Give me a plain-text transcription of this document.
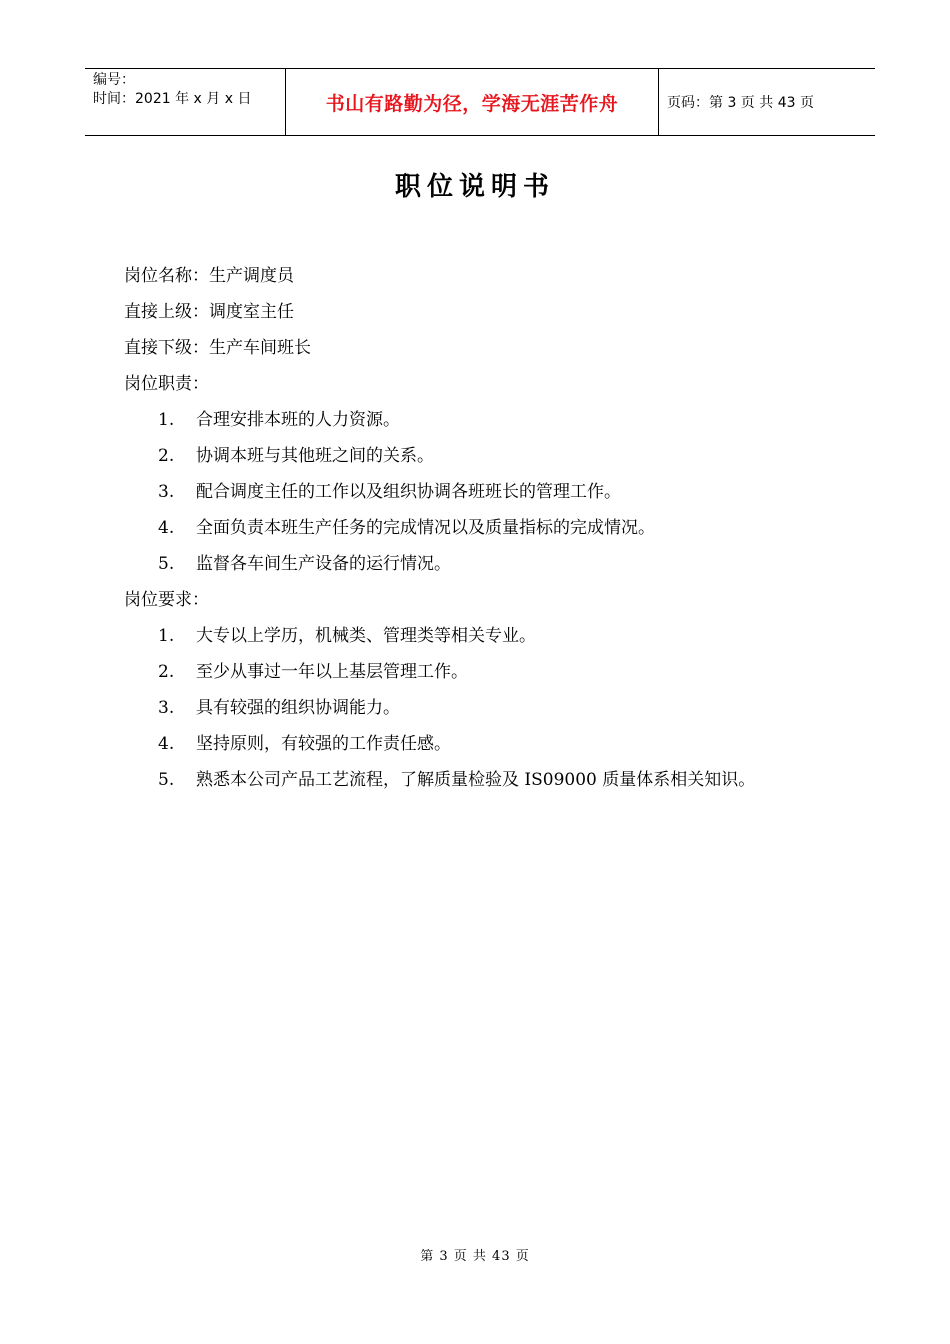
编号：
时间：2021 年 x 月 x 日	书山有路勤为径，学海无涯苦作舟	页码：第 3 页 共 43 页
职位说明书
岗位名称：生产调度员
直接上级：调度室主任
直接下级：生产车间班长
岗位职责：
1. 合理安排本班的人力资源。
2. 协调本班与其他班之间的关系。
3. 配合调度主任的工作以及组织协调各班班长的管理工作。
4. 全面负责本班生产任务的完成情况以及质量指标的完成情况。
5. 监督各车间生产设备的运行情况。
岗位要求：
1. 大专以上学历，机械类、管理类等相关专业。
2. 至少从事过一年以上基层管理工作。
3. 具有较强的组织协调能力。
4. 坚持原则，有较强的工作责任感。
5. 熟悉本公司产品工艺流程，了解质量检验及 IS09000 质量体系相关知识。
第 3 页 共 43 页
